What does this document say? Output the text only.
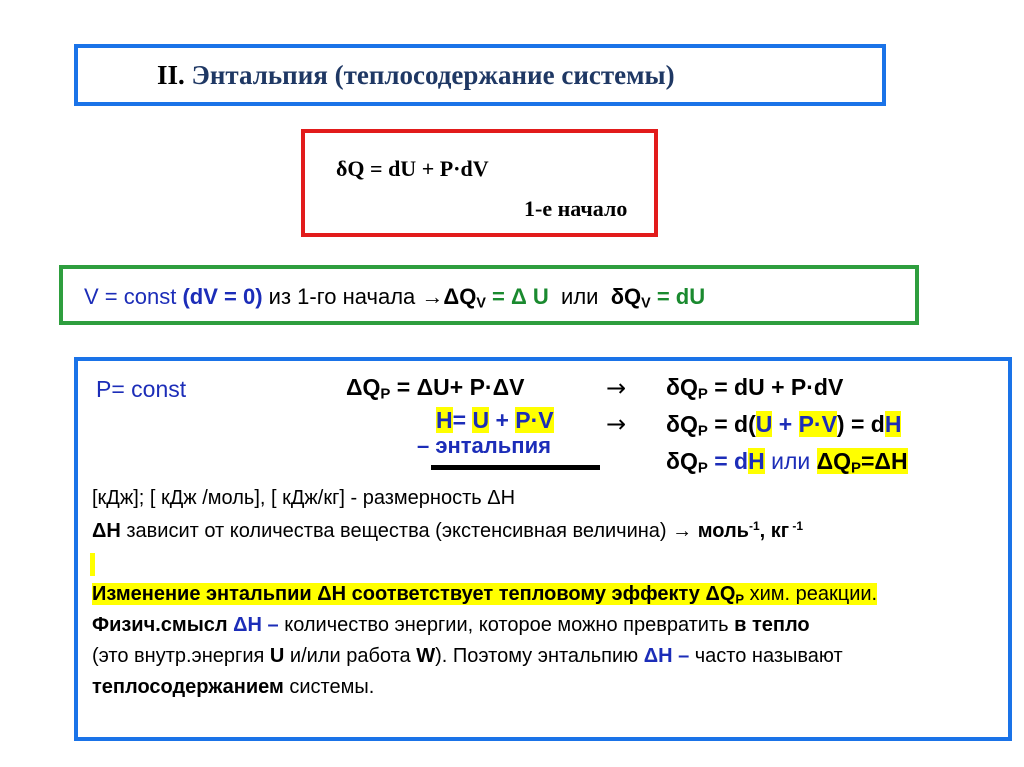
II. Энтальпия (теплосодержание системы)
δQ = dU + P·dV
1-е начало
V = const (dV = 0) из 1-го начала $\to\Delta Q_V = \Delta$ U или $\delta Q_V$ = dU
P= const	$\Delta Q_P = \Delta U+ P\cdot\Delta V$	→ $\delta Q_P$ = dU + P·dV
$H= U + P\cdot V \to \delta Q_P = d(U + P\cdot V)$ = dH
– энтальпия
$\delta Q_P$ = dH или $\Delta Q_P=\Delta H$
[кДж]; [ кДж /моль], [ кДж/кг] - размерность ΔH
ΔH зависит от количества вещества (экстенсивная величина) → моль$^{-1}$, кг $^{-1}$
Изменение энтальпии ΔH соответствует тепловому эффекту $\Delta Q_P$ хим. реакции.
Физич.смысл ΔH – количество энергии, которое можно превратить в тепло
(это внутр.энергия U и/или работа W). Поэтому энтальпию ΔH – часто называют
теплосодержанием системы.
